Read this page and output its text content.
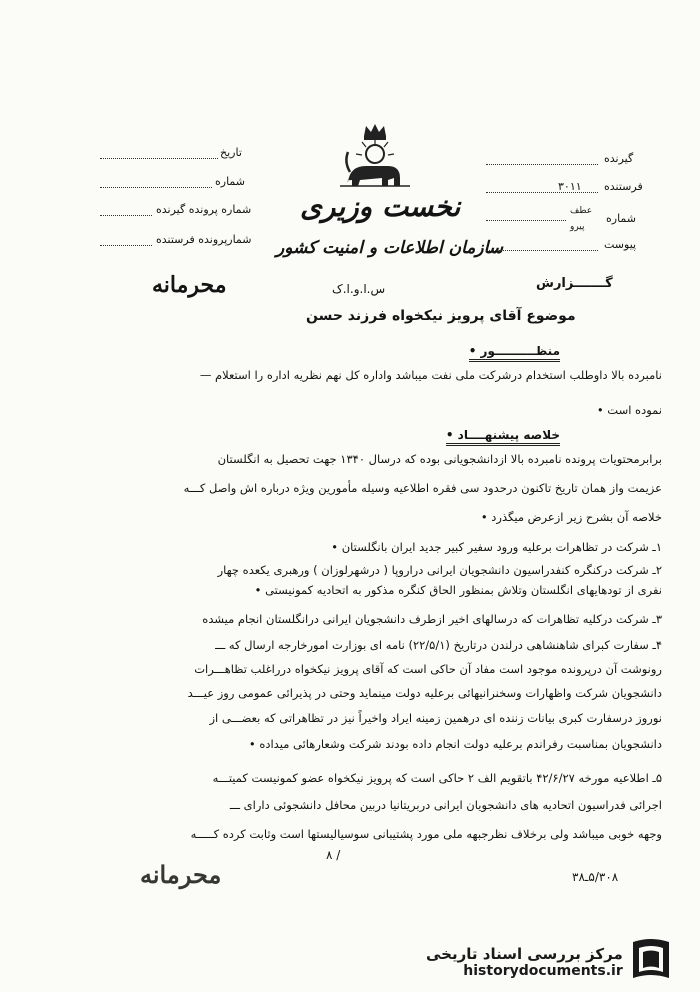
تاریخ
شماره
شماره پرونده گیرنده
شمارپرونده فرستنده
نخست وزیری
سازمان اطلاعات و امنیت کشور
گیرنده
۳۰۱۱ فرستنده
عطف
پیرو
شماره
پیوست
محرمانه	س.ا.و.ا.ک	گـــــــزارش
موضوع آقای پرویز نیکخواه فرزند حسن
منظــــــــــور •
نامبرده بالا داوطلب استخدام درشرکت ملی نفت میباشد واداره کل نهم نظریه اداره را استعلام —
نموده است •
خلاصه پیشنهــــاد •
برابرمحتویات پرونده نامبرده بالا ازدانشجویانی بوده که درسال ۱۳۴۰ جهت تحصیل به انگلستان
عزیمت واز همان تاریخ تاکنون درحدود سی فقره اطلاعیه وسیله مأمورین ویژه درباره اش واصل کـــه
خلاصه آن بشرح زیر ازعرض میگذرد •
۱ـ شرکت در تظاهرات برعلیه ورود سفیر کبیر جدید ایران بانگلستان •
۲ـ شرکت درکنگره کنفدراسیون دانشجویان ایرانی دراروپا ( درشهرلوزان ) ورهبری یکعده چهار
نفری از تودهایهای انگلستان وتلاش بمنظور الحاق کنگره مذکور به اتحادیه کمونیستی •
۳ـ شرکت درکلیه تظاهرات که درسالهای اخیر ازطرف دانشجویان ایرانی درانگلستان انجام میشده
۴ـ سفارت کبرای شاهنشاهی درلندن درتاریخ (۲۲/۵/۱) نامه ای بوزارت امورخارجه ارسال که ـــ
رونوشت آن درپرونده موجود است مفاد آن حاکی است که آقای پرویز نیکخواه درراغلب تظاهـــرات
دانشجویان شرکت واظهارات وسخنرانیهائی برعلیه دولت مینماید وحتی در پذیرائی عمومی روز عیـــد
نوروز درسفارت کبری بیانات زننده ای درهمین زمینه ایراد واخیراً نیز در تظاهراتی که بعضـــی از
دانشجویان بمناسبت رفراندم برعلیه دولت انجام داده بودند شرکت وشعارهائی میداده •
۵ـ اطلاعیه مورخه ۴۲/۶/۲۷ باتقویم الف ۲ حاکی است که پرویز نیکخواه عضو کمونیست کمیتـــه
اجرائی فدراسیون اتحادیه های دانشجویان ایرانی دربریتانیا دربین محافل دانشجوئی دارای ـــ
وجهه خوبی میباشد ولی برخلاف نظرجبهه ملی مورد پشتیبانی سوسیالیستها است وثابت کرده کـــــه
۸ /
محرمانه	۵/۳۰۸ـ۳۸
مرکز بررسی اسناد تاریخی
historydocuments.ir
